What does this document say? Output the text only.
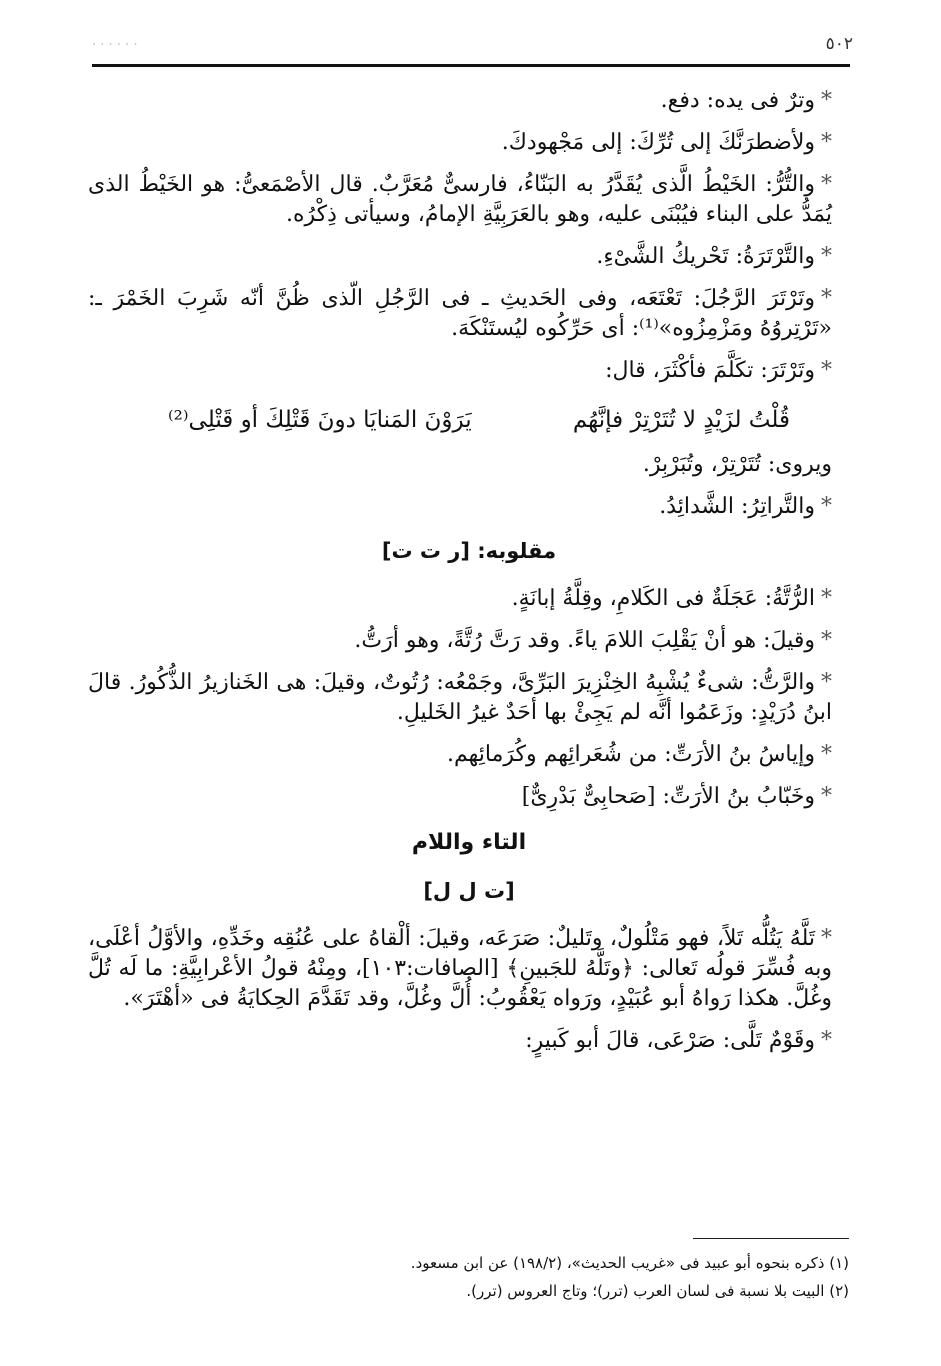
. . . . . .	٥٠٢

*وترٌ فى يده: دفع.

*ولأضطرَنَّكَ إلى تُرِّكَ: إلى مَجْهودكَ.

*والتُّرُّ: الخَيْطُ الَّذى يُقَدَّرُ به البَنّاءُ، فارسىٌّ مُعَرَّبٌ. قال الأصْمَعىُّ: هو الخَيْطُ الذى يُمَدُّ على البناء فيُبْنَى عليه، وهو بالعَرَبِيَّةِ الإمامُ، وسيأتى ذِكْرُه.

*والتَّرْتَرَةُ: تَحْريكُ الشَّىْءِ.

*وتَرْتَرَ الرَّجُلَ: تَعْتَعَه، وفى الحَديثِ ـ فى الرَّجُلِ الّذى ظُنَّ أنّه شَرِبَ الخَمْرَ ـ: «تَرْتِروُهُ ومَزْمِزُوه»⁽¹⁾: أى حَرِّكُوه ليُستَنْكَهَ.

*وتَرْتَرَ: تكَلَّمَ فأكْثَرَ، قال:

قُلْتُ لزَيْدٍ لا تُتَرْتِرْ فإنَّهُم
يَرَوْنَ المَنايَا دونَ قَتْلِكَ أو قَتْلِى⁽²⁾

ويروى: تُتَرْتِرْ، وتُبَرْبِرْ.

*والتَّراتِرُ: الشَّدائِدُ.

مقلوبه: [ر ت ت]

*الرُّتَّةُ: عَجَلَةٌ فى الكَلامِ، وقِلَّةُ إبانَةٍ.

*وقيلَ: هو أنْ يَقْلِبَ اللامَ ياءً. وقد رَتَّ رُتَّةً، وهو أرَتُّ.

*والرَّتُّ: شىءٌ يُشْبِهُ الخِنْزِيرَ البَرِّىَّ، وجَمْعُه: رُتُوتٌ، وقيلَ: هى الخَنازيرُ الذُّكُورُ. قالَ ابنُ دُرَيْدٍ: وزَعَمُوا أنَّه لم يَجِئْ بها أحَدٌ غيرُ الخَليلِ.

*وإياسُ بنُ الأرَتِّ: من شُعَرائِهم وكُرَمائِهم.

*وخَبّابُ بنُ الأرَتِّ: [صَحابِىٌّ بَدْرِىٌّ]

التاء واللام
[ت ل ل]

*تَلَّهُ يَتُلُّه تَلاً، فهو مَتْلُولٌ، وتَليلٌ: صَرَعَه، وقيلَ: ألْقاهُ على عُنُقِه وخَدِّهِ، والأوَّلُ أعْلَى، وبه فُسِّرَ قولُه تَعالى: ﴿وتَلَّهُ للجَبينِ﴾ [الصافات:١٠٣]، ومِنْهُ قولُ الأعْرابِيَّةِ: ما لَه تُلَّ وغُلَّ. هكذا رَواهُ أبو عُبَيْدٍ، ورَواه يَعْقُوبُ: أُلَّ وغُلَّ، وقد تَقَدَّمَ الحِكايَةُ فى «أهْتَرَ».

*وقَوْمٌ تَلَّى: صَرْعَى، قالَ أبو كَبيرٍ:

(١) ذكره بنحوه أبو عبيد فى «غريب الحديث»، (١٩٨/٢) عن ابن مسعود.
(٢) البيت بلا نسبة فى لسان العرب (ترر)؛ وتاج العروس (ترر).
